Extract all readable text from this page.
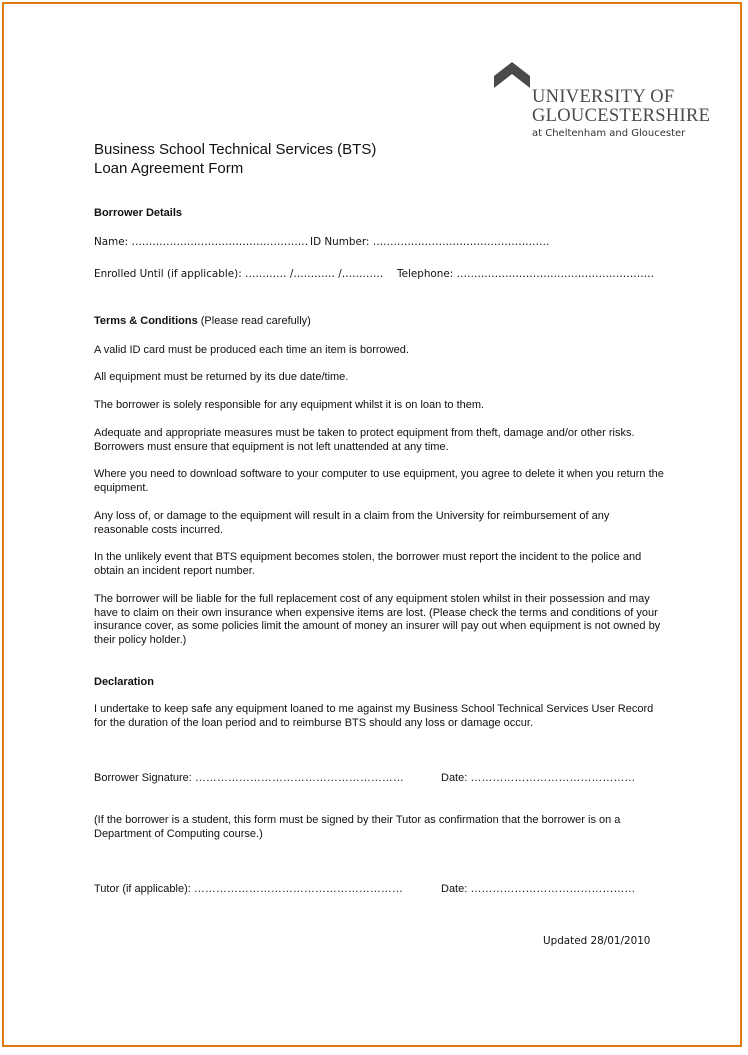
UNIVERSITY OF
GLOUCESTERSHIRE
at Cheltenham and Gloucester
Business School Technical Services (BTS)
Loan Agreement Form
Borrower Details
Name: …………………………………………… ID Number: ……………………………………………
Enrolled Until (if applicable): ………… /………… /………… Telephone: …………………………………………………
Terms & Conditions (Please read carefully)
A valid ID card must be produced each time an item is borrowed.
All equipment must be returned by its due date/time.
The borrower is solely responsible for any equipment whilst it is on loan to them.
Adequate and appropriate measures must be taken to protect equipment from theft, damage and/or other risks. Borrowers must ensure that equipment is not left unattended at any time.
Where you need to download software to your computer to use equipment, you agree to delete it when you return the equipment.
Any loss of, or damage to the equipment will result in a claim from the University for reimbursement of any reasonable costs incurred.
In the unlikely event that BTS equipment becomes stolen, the borrower must report the incident to the police and obtain an incident report number.
The borrower will be liable for the full replacement cost of any equipment stolen whilst in their possession and may have to claim on their own insurance when expensive items are lost. (Please check the terms and conditions of your insurance cover, as some policies limit the amount of money an insurer will pay out when equipment is not owned by their policy holder.)
Declaration
I undertake to keep safe any equipment loaned to me against my Business School Technical Services User Record for the duration of the loan period and to reimburse BTS should any loss or damage occur.
Borrower Signature: …………………………………………………	Date: ………………………………………
(If the borrower is a student, this form must be signed by their Tutor as confirmation that the borrower is on a Department of Computing course.)
Tutor (if applicable): …………………………………………………	Date: ………………………………………
Updated 28/01/2010
